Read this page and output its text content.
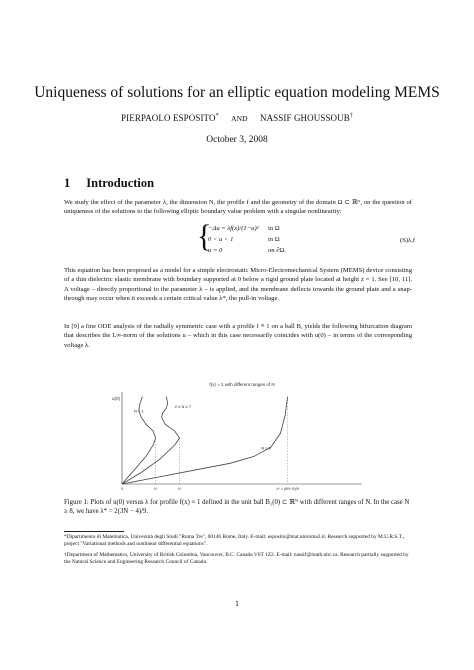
Uniqueness of solutions for an elliptic equation modeling MEMS
PIERPAOLO ESPOSITO* AND NASSIF GHOUSSOUB†
October 3, 2008
1 Introduction
We study the effect of the parameter λ, the dimension N, the profile f and the geometry of the domain Ω ⊂ ℝᴺ, on the question of uniqueness of the solutions to the following elliptic boundary value problem with a singular nonlinearity:
{
−Δu = λf(x)/(1−u)² in Ω
0 < u < 1	in Ω
u = 0	on ∂Ω.
(S)λ,f
This equation has been proposed as a model for a simple electrostatic Micro-Electromechanical System (MEMS) device consisting of a thin dielectric elastic membrane with boundary supported at 0 below a rigid ground plate located at height z = 1. See [10, 11]. A voltage – directly proportional to the parameter λ – is applied, and the membrane deflects towards the ground plate and a snap-through may occur when it exceeds a certain critical value λ*, the pull-in voltage.
In [9] a fine ODE analysis of the radially symmetric case with a profile f ≡ 1 on a ball B, yields the following bifurcation diagram that describes the L∞-norm of the solutions u – which in this case necessarily coincides with u(0) – in terms of the corresponding voltage λ.
f(x) = 1 with different ranges of N
u(0)
N = 1
2 ≤ N ≤ 7
N ≥ 8
0	λ*	λ*	λ* = (6N−8)/9
Figure 1: Plots of u(0) versus λ for profile f(x) ≡ 1 defined in the unit ball B₁(0) ⊂ ℝᴺ with different ranges of N. In the case N ≥ 8, we have λ* = 2(3N − 4)/9.
*Dipartimento di Matematica, Università degli Studi "Roma Tre", 00146 Rome, Italy. E-mail: esposito@mat.uniroma3.it. Research supported by M.U.R.S.T., project "Variational methods and nonlinear differential equations".
†Department of Mathematics, University of British Columbia, Vancouver, B.C. Canada V6T 1Z2. E-mail: nassif@math.ubc.ca. Research partially supported by the Natural Science and Engineering Research Council of Canada.
1
